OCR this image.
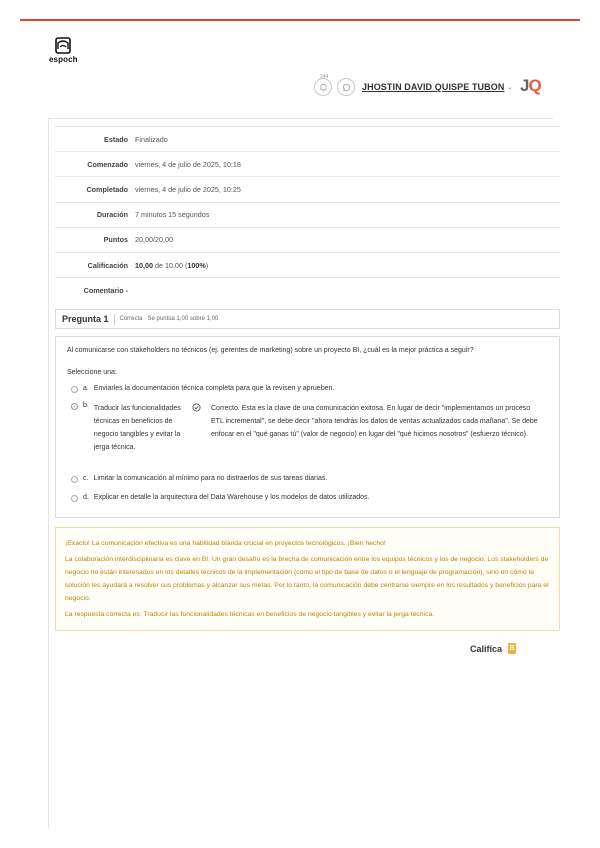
espoch
244
JHOSTIN DAVID QUISPE TUBON ⌄ JQ
Estado Finalizado
Comenzado viernes, 4 de julio de 2025, 10:18
Completado viernes, 4 de julio de 2025, 10:25
Duración 7 minutos 15 segundos
Puntos 20,00/20,00
Calificación 10,00 de 10,00 (100%)
Comentario -
Pregunta 1 Correcta Se puntúa 1,00 sobre 1,00
Al comunicarse con stakeholders no técnicos (ej. gerentes de marketing) sobre un proyecto BI, ¿cuál es la mejor práctica a seguir?
Seleccione una:
a. Enviarles la documentación técnica completa para que la revisen y aprueben.
b. Traducir las funcionalidades técnicas en beneficios de negocio tangibles y evitar la jerga técnica.
Correcto. Esta es la clave de una comunicación exitosa. En lugar de decir "implementamos un proceso ETL incremental", se debe decir "ahora tendrás los datos de ventas actualizados cada mañana". Se debe enfocar en el "qué ganas tú" (valor de negocio) en lugar del "qué hicimos nosotros" (esfuerzo técnico).
c. Limitar la comunicación al mínimo para no distraerlos de sus tareas diarias.
d. Explicar en detalle la arquitectura del Data Warehouse y los modelos de datos utilizados.

¡Exacto! La comunicación efectiva es una habilidad blanda crucial en proyectos tecnológicos. ¡Bien hecho!

La colaboración interdisciplinaria es clave en BI. Un gran desafío es la brecha de comunicación entre los equipos técnicos y los de negocio. Los stakeholders de negocio no están interesados en los detalles técnicos de la implementación (como el tipo de base de datos o el lenguaje de programación), sino en cómo la solución les ayudará a resolver sus problemas y alcanzar sus metas. Por lo tanto, la comunicación debe centrarse siempre en los resultados y beneficios para el negocio.

La respuesta correcta es: Traducir las funcionalidades técnicas en beneficios de negocio tangibles y evitar la jerga técnica.

Califica B
